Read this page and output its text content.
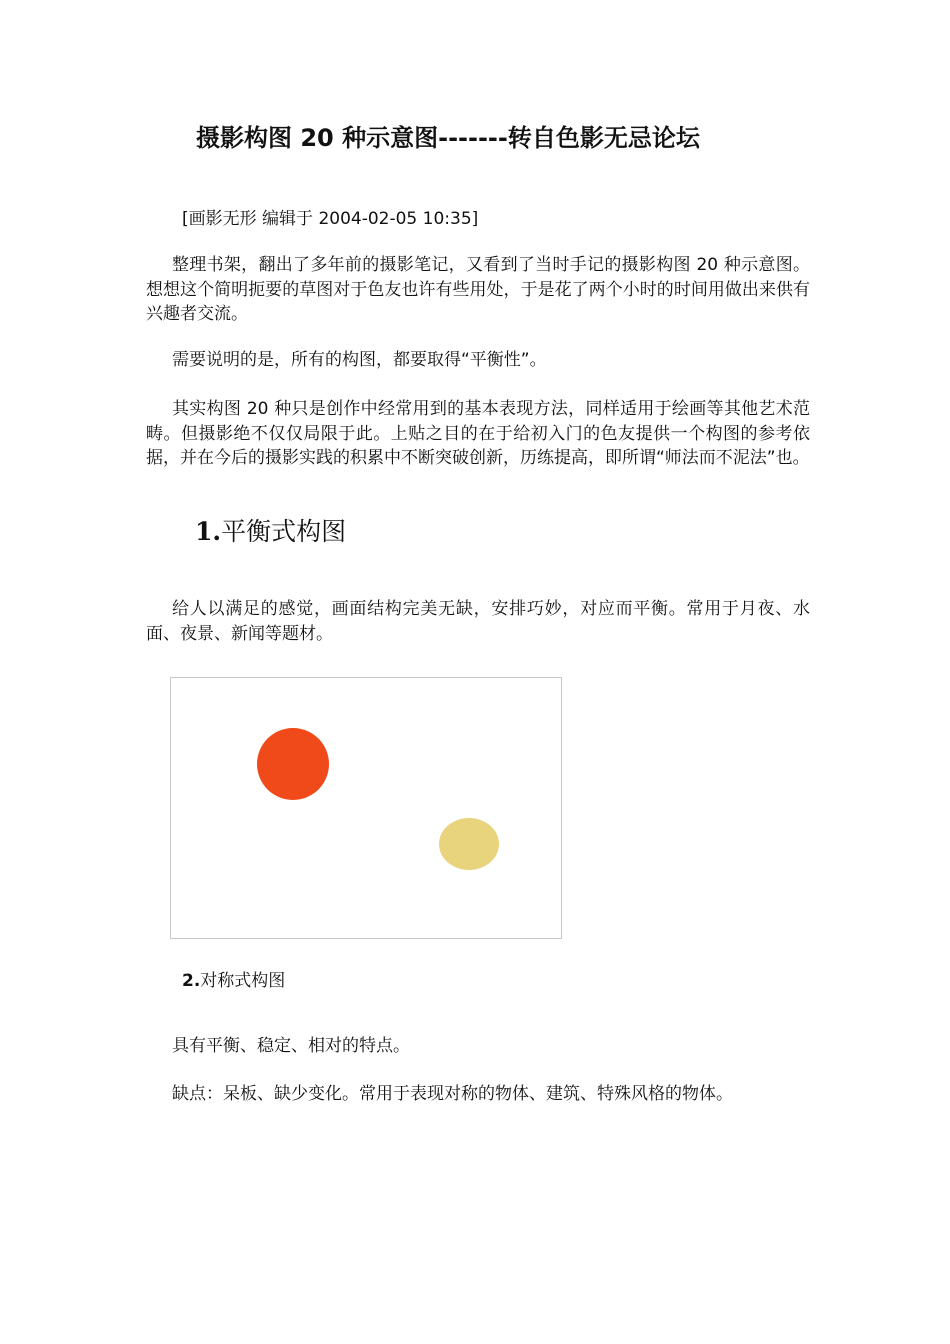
摄影构图 20 种示意图-------转自色影无忌论坛
[画影无形 编辑于 2004-02-05 10:35]
整理书架，翻出了多年前的摄影笔记，又看到了当时手记的摄影构图 20 种示意图。想想这个简明扼要的草图对于色友也许有些用处，于是花了两个小时的时间用做出来供有兴趣者交流。
需要说明的是，所有的构图，都要取得“平衡性”。
其实构图 20 种只是创作中经常用到的基本表现方法，同样适用于绘画等其他艺术范畴。但摄影绝不仅仅局限于此。上贴之目的在于给初入门的色友提供一个构图的参考依据，并在今后的摄影实践的积累中不断突破创新，历练提高，即所谓“师法而不泥法”也。
1.平衡式构图
给人以满足的感觉，画面结构完美无缺，安排巧妙，对应而平衡。常用于月夜、水面、夜景、新闻等题材。
2.对称式构图
具有平衡、稳定、相对的特点。
缺点：呆板、缺少变化。常用于表现对称的物体、建筑、特殊风格的物体。
